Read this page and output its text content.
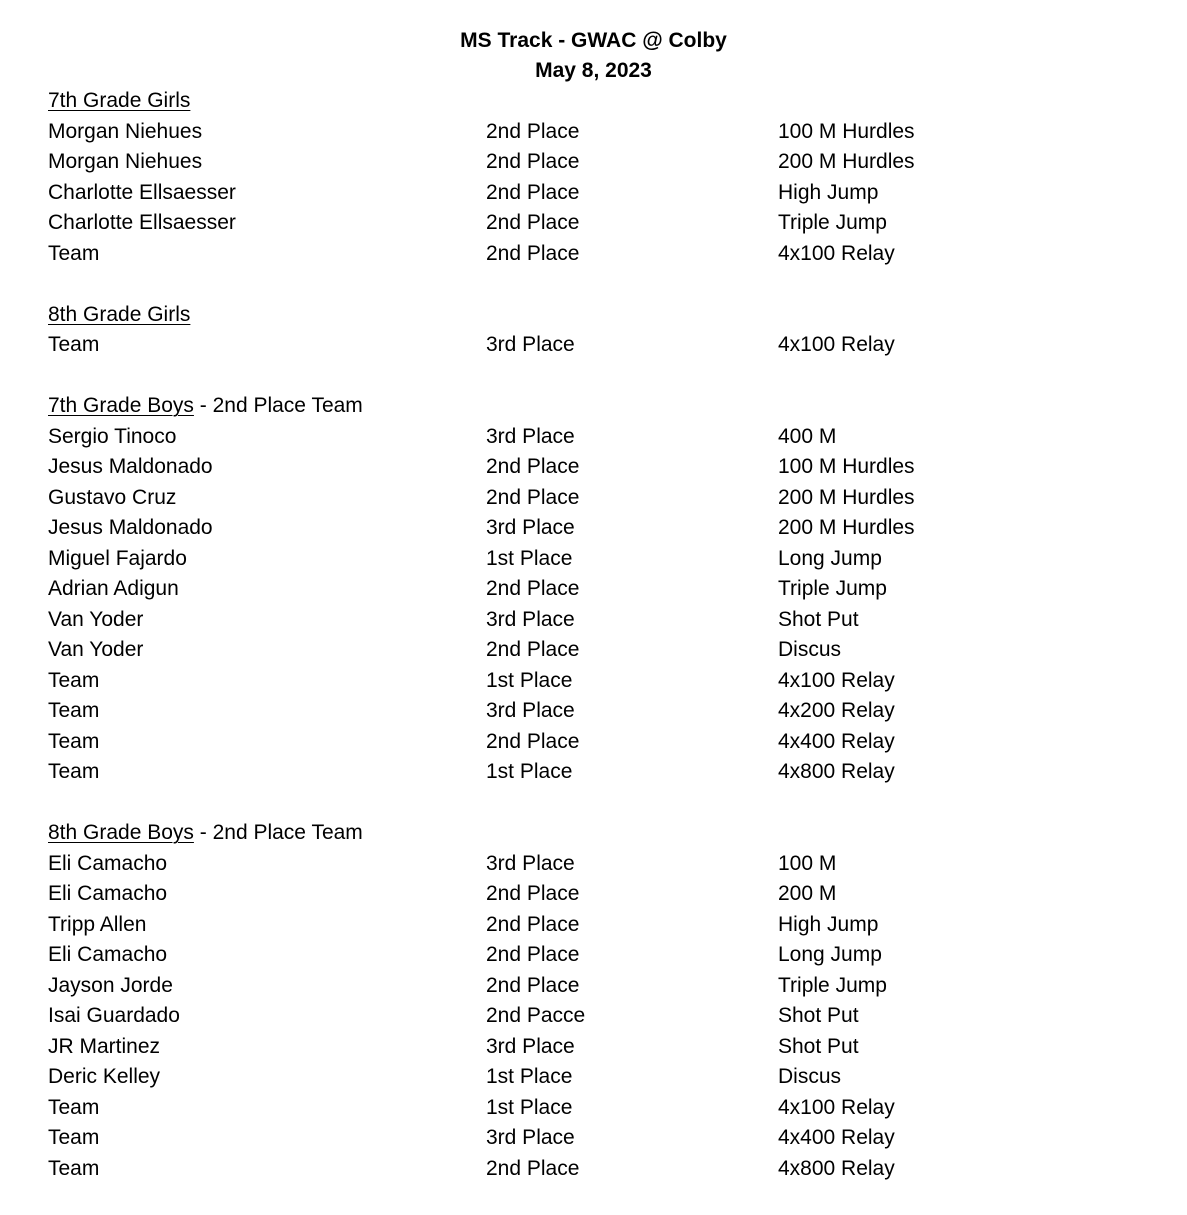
MS Track - GWAC @ Colby
May 8, 2023
7th Grade Girls
Morgan Niehues	2nd Place	100 M Hurdles
Morgan Niehues	2nd Place	200 M Hurdles
Charlotte Ellsaesser	2nd Place	High Jump
Charlotte Ellsaesser	2nd Place	Triple Jump
Team	2nd Place	4x100 Relay
8th Grade Girls
Team	3rd Place	4x100 Relay
7th Grade Boys - 2nd Place Team
Sergio Tinoco	3rd Place	400 M
Jesus Maldonado	2nd Place	100 M Hurdles
Gustavo Cruz	2nd Place	200 M Hurdles
Jesus Maldonado	3rd Place	200 M Hurdles
Miguel Fajardo	1st Place	Long Jump
Adrian Adigun	2nd Place	Triple Jump
Van Yoder	3rd Place	Shot Put
Van Yoder	2nd Place	Discus
Team	1st Place	4x100 Relay
Team	3rd Place	4x200 Relay
Team	2nd Place	4x400 Relay
Team	1st Place	4x800 Relay
8th Grade Boys - 2nd Place Team
Eli Camacho	3rd Place	100 M
Eli Camacho	2nd Place	200 M
Tripp Allen	2nd Place	High Jump
Eli Camacho	2nd Place	Long Jump
Jayson Jorde	2nd Place	Triple Jump
Isai Guardado	2nd Pacce	Shot Put
JR Martinez	3rd Place	Shot Put
Deric Kelley	1st Place	Discus
Team	1st Place	4x100 Relay
Team	3rd Place	4x400 Relay
Team	2nd Place	4x800 Relay
